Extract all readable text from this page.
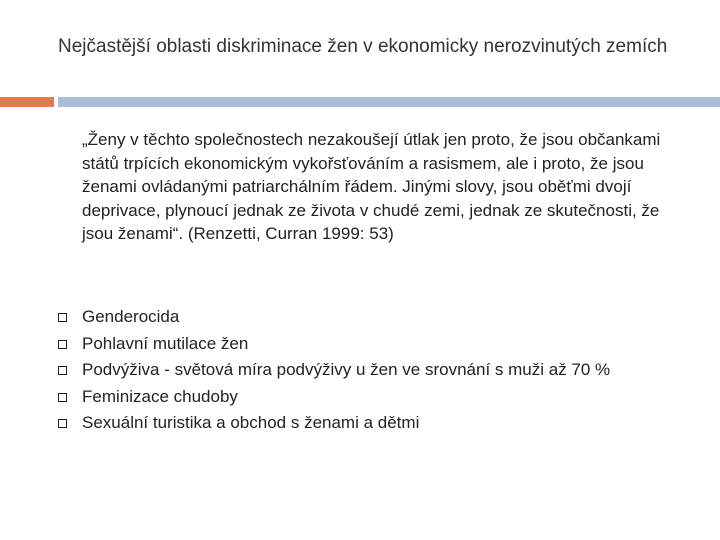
Nejčastější oblasti diskriminace žen v ekonomicky nerozvinutých zemích

„Ženy v těchto společnostech nezakoušejí útlak jen proto, že jsou občankami států trpících ekonomickým vykořsťováním a rasismem, ale i proto, že jsou ženami ovládanými patriarchálním řádem. Jinými slovy, jsou oběťmi dvojí deprivace, plynoucí jednak ze života v chudé zemi, jednak ze skutečnosti, že jsou ženami“. (Renzetti, Curran 1999: 53)

Genderocida
Pohlavní mutilace žen
Podvýživa - světová míra podvýživy u žen ve srovnání s muži až 70 %
Feminizace chudoby
Sexuální turistika a obchod s ženami a dětmi
